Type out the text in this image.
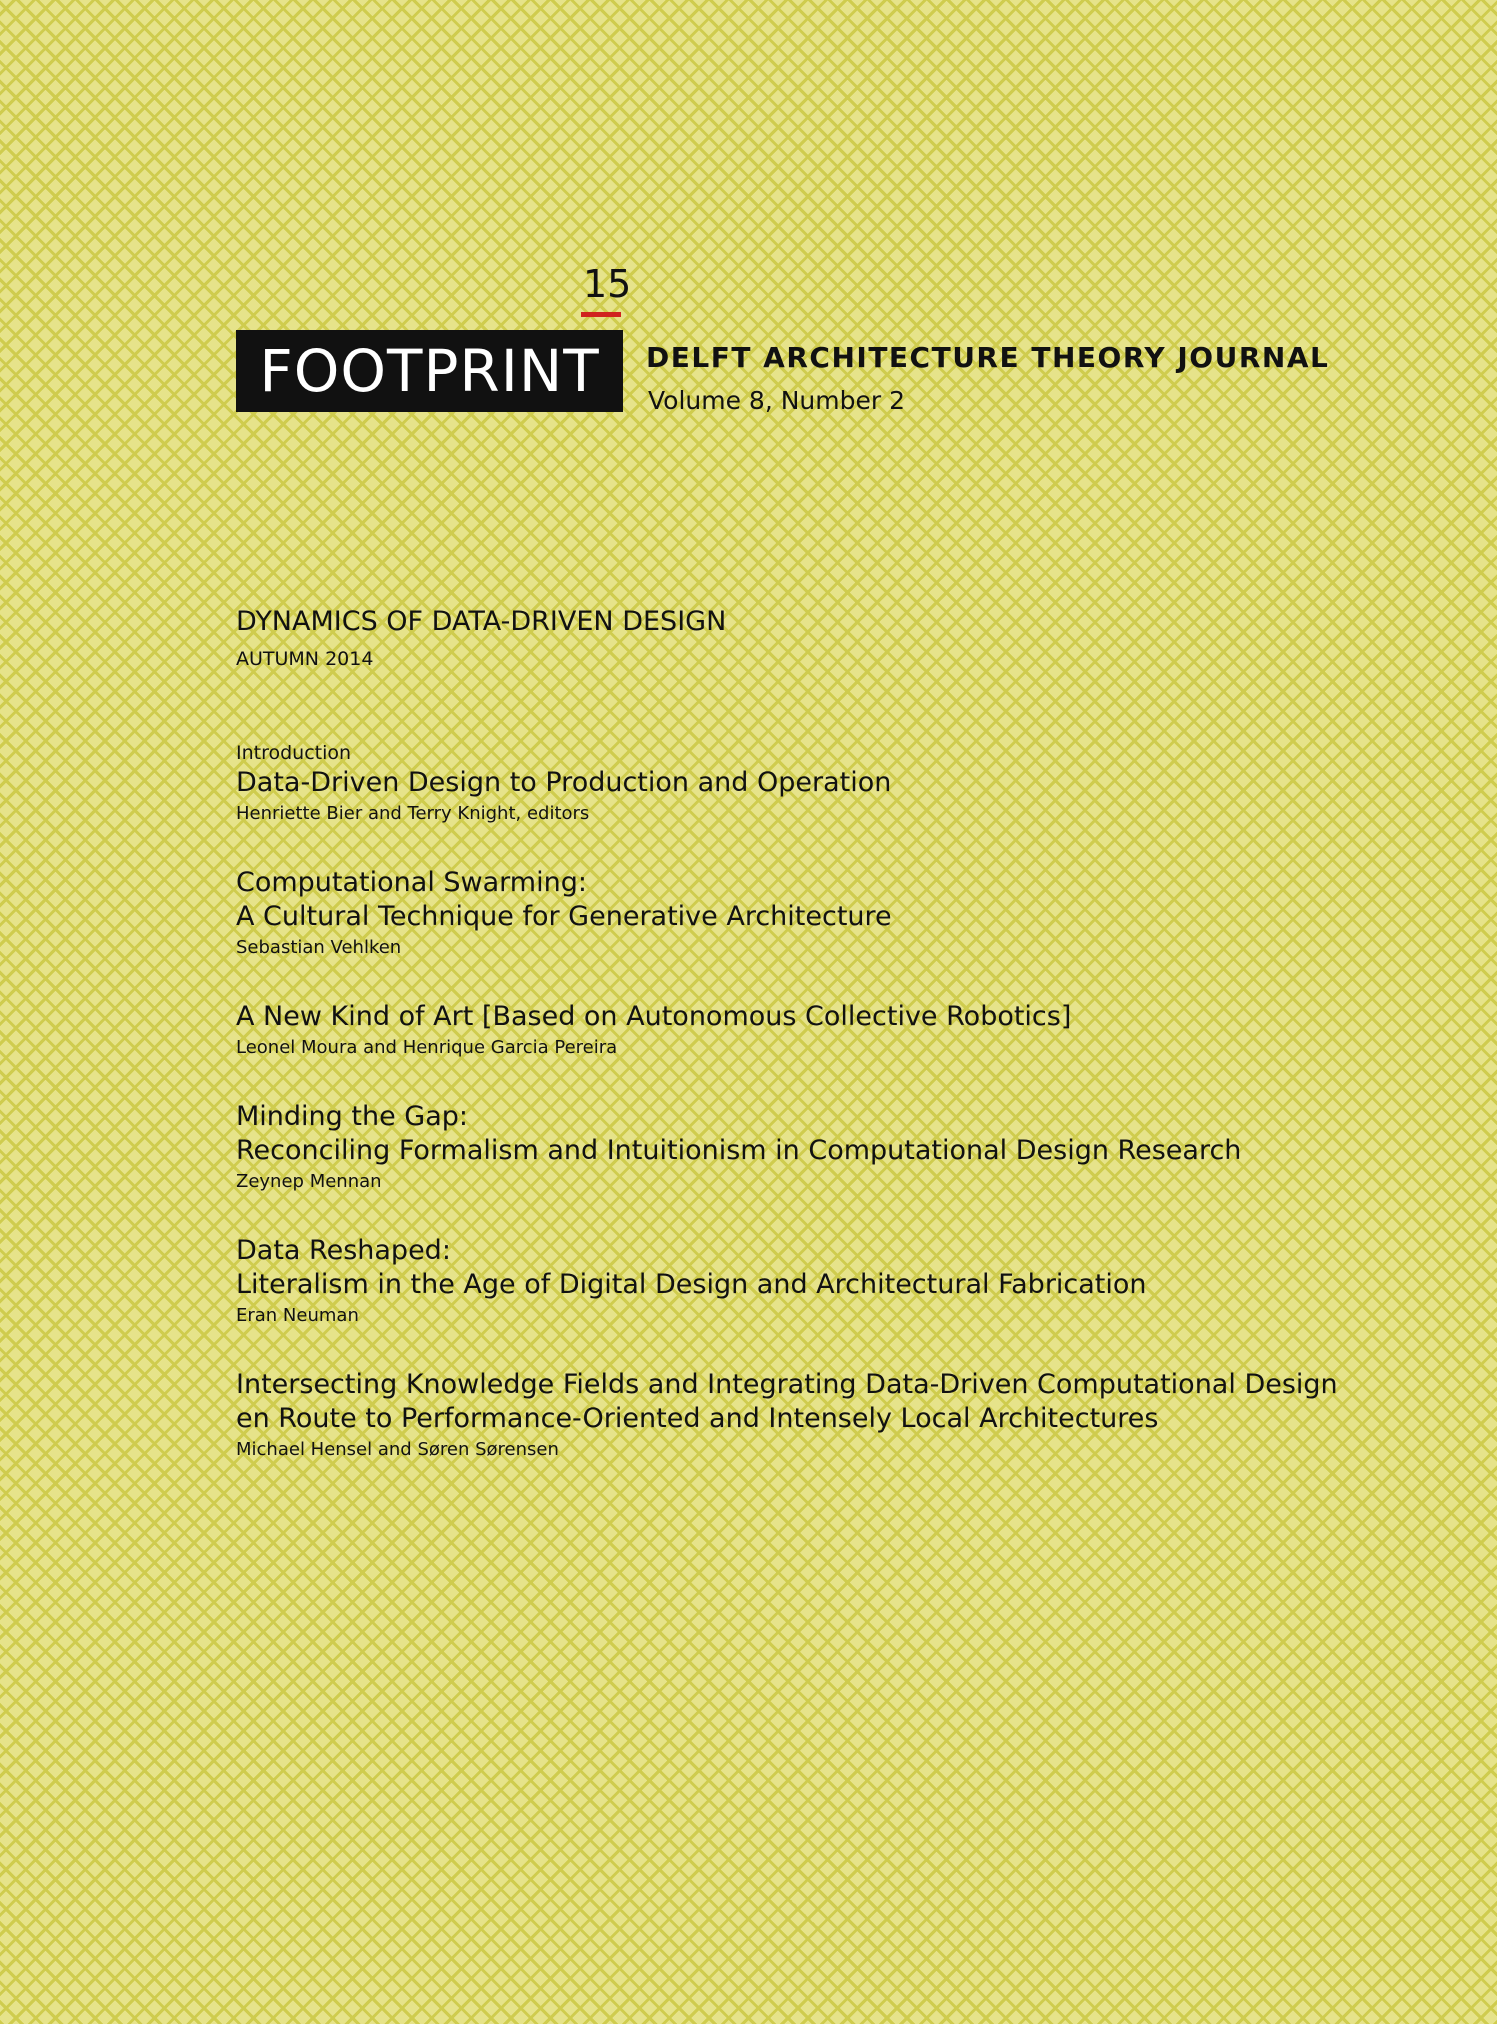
15
FOOTPRINT DELFT ARCHITECTURE THEORY JOURNAL
Volume 8, Number 2
DYNAMICS OF DATA-DRIVEN DESIGN
AUTUMN 2014
Introduction
Data-Driven Design to Production and Operation
Henriette Bier and Terry Knight, editors
Computational Swarming:
A Cultural Technique for Generative Architecture
Sebastian Vehlken
A New Kind of Art [Based on Autonomous Collective Robotics]
Leonel Moura and Henrique Garcia Pereira
Minding the Gap:
Reconciling Formalism and Intuitionism in Computational Design Research
Zeynep Mennan
Data Reshaped:
Literalism in the Age of Digital Design and Architectural Fabrication
Eran Neuman
Intersecting Knowledge Fields and Integrating Data-Driven Computational Design
en Route to Performance-Oriented and Intensely Local Architectures
Michael Hensel and Søren Sørensen
